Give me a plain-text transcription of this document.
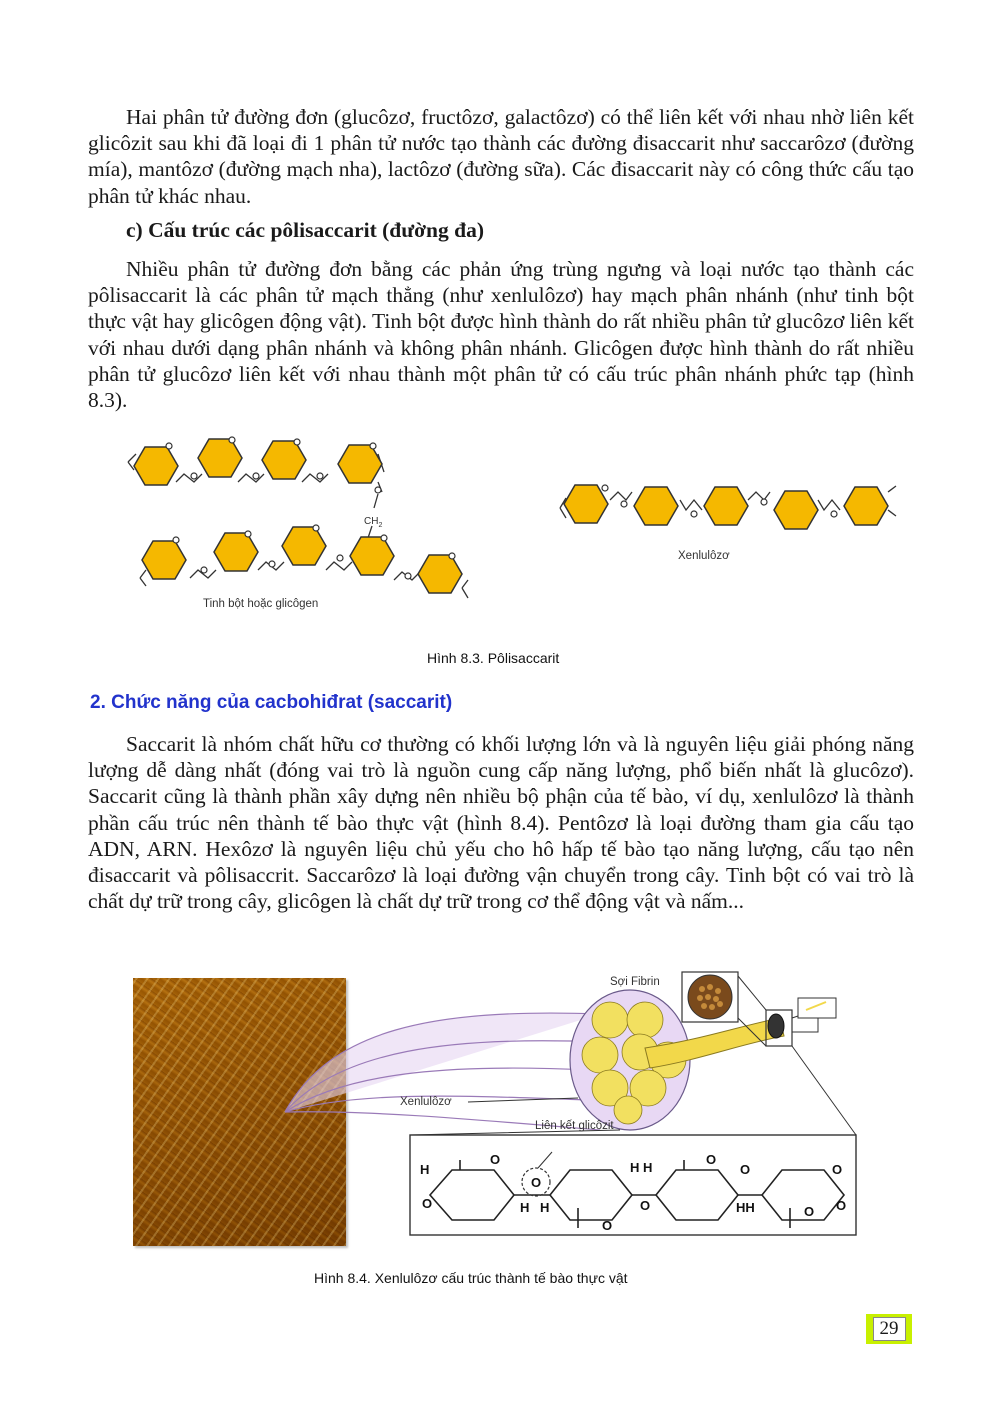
Hai phân tử đường đơn (glucôzơ, fructôzơ, galactôzơ) có thể liên kết với nhau nhờ liên kết glicôzit sau khi đã loại đi 1 phân tử nước tạo thành các đường đisaccarit như saccarôzơ (đường mía), mantôzơ (đường mạch nha), lactôzơ (đường sữa). Các đisaccarit này có công thức cấu tạo phân tử khác nhau.

c) Cấu trúc các pôlisaccarit (đường đa)

Nhiều phân tử đường đơn bằng các phản ứng trùng ngưng và loại nước tạo thành các pôlisaccarit là các phân tử mạch thẳng (như xenlulôzơ) hay mạch phân nhánh (như tinh bột thực vật hay glicôgen động vật). Tinh bột được hình thành do rất nhiều phân tử glucôzơ liên kết với nhau dưới dạng phân nhánh và không phân nhánh. Glicôgen được hình thành do rất nhiều phân tử glucôzơ liên kết với nhau thành một phân tử có cấu trúc phân nhánh phức tạp (hình 8.3).

$CH_2$
Tinh bột hoặc glicôgen
Xenlulôzơ
Hình 8.3. Pôlisaccarit
2. Chức năng của cacbohiđrat (saccarit)

Saccarit là nhóm chất hữu cơ thường có khối lượng lớn và là nguyên liệu giải phóng năng lượng dễ dàng nhất (đóng vai trò là nguồn cung cấp năng lượng, phổ biến nhất là glucôzơ). Saccarit cũng là thành phần xây dựng nên nhiều bộ phận của tế bào, ví dụ, xenlulôzơ là thành phần cấu trúc nên thành tế bào thực vật (hình 8.4). Pentôzơ là loại đường tham gia cấu tạo ADN, ARN. Hexôzơ là nguyên liệu chủ yếu cho hô hấp tế bào tạo năng lượng, cấu tạo nên đisaccarit và pôlisaccrit. Saccarôzơ là loại đường vận chuyển trong cây. Tinh bột có vai trò là chất dự trữ trong cây, glicôgen là chất dự trữ trong cơ thể động vật và nấm...

H
O
O
H
O
H
O
H H
O
O
O
HH	O
O
O
Sợi Fibrin
Xenlulôzơ
Liên kết glicôzit
Hình 8.4. Xenlulôzơ cấu trúc thành tế bào thực vật
29
